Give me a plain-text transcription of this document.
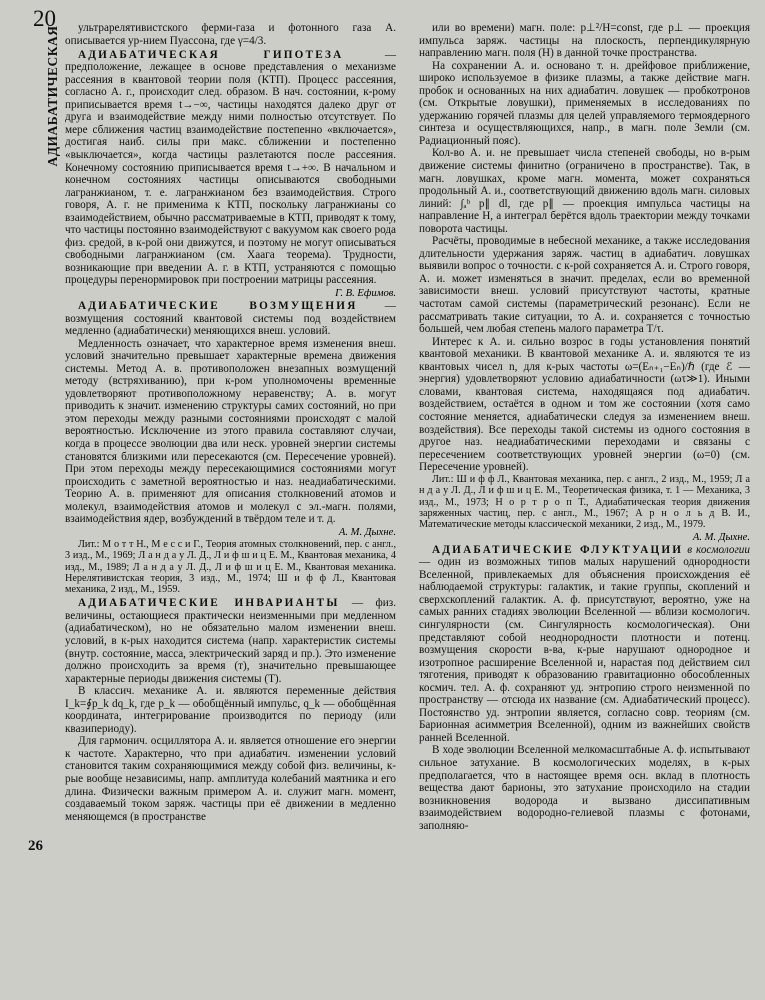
20
26
АДИАБАТИЧЕСКАЯ	ультрарелятивистского ферми-газа и фотонного газа А. описывается ур-нием Пуассона, где γ=4/3.

АДИАБАТИЧЕСКАЯ ГИПОТЕЗА — предположение, лежащее в основе представления о механизме рассеяния в квантовой теории поля (КТП). Процесс рассеяния, согласно А. г., происходит след. образом. В нач. состоянии, к-рому приписывается время t→−∞, частицы находятся далеко друг от друга и взаимодействие между ними полностью отсутствует. По мере сближения частиц взаимодействие постепенно «включается», достигая наиб. силы при макс. сближении и постепенно «выключается», когда частицы разлетаются после рассеяния. Конечному состоянию приписывается время t→+∞. В начальном и конечном состояниях частицы описываются свободными лагранжианом, т. е. лагранжианом без взаимодействия. Строго говоря, А. г. не применима к КТП, поскольку лагранжианы со взаимодействием, обычно рассматриваемые в КТП, приводят к тому, что частицы постоянно взаимодействуют с вакуумом как своего рода физ. средой, в к-рой они движутся, и поэтому не могут описываться свободными лагранжианом (см. Хаага теорема). Трудности, возникающие при введении А. г. в КТП, устраняются с помощью процедуры перенормировок при построении матрицы рассеяния.

Г. В. Ефимов.

АДИАБАТИЧЕСКИЕ ВОЗМУЩЕНИЯ — возмущения состояний квантовой системы под воздействием медленно (адиабатически) меняющихся внеш. условий.

Медленность означает, что характерное время изменения внеш. условий значительно превышает характерные времена движения системы. Метод А. в. противоположен внезапных возмущений методу (встряхиванию), при к-ром уполномочены временны́е удовлетворяют противоположному неравенству; А. в. могут приводить к значит. изменению структуры самих состояний, но при этом переходы между разными состояниями происходят с малой вероятностью. Исключение из этого правила составляют случаи, когда в процессе эволюции два или неск. уровней энергии системы становятся близкими или пересекаются (см. Пересечение уровней). При этом переходы между пересекающимися состояниями могут происходить с заметной вероятностью и наз. неадиабатическими. Теорию А. в. применяют для описания столкновений атомов и молекул, взаимодействия атомов и молекул с эл.-магн. полями, взаимодействия ядер, возбуждений в твёрдом теле и т. д.

А. М. Дыхне.

Лит.: М о т т Н., М е с с и Г., Теория атомных столкновений, пер. с англ., 3 изд., М., 1969; Л а н д а у Л. Д., Л и ф ш и ц Е. М., Квантовая механика, 4 изд., М., 1989; Л а н д а у Л. Д., Л и ф ш и ц Е. М., Квантовая механика. Нерелятивистская теория, 3 изд., М., 1974; Ш и ф ф Л., Квантовая механика, 2 изд., М., 1959.

АДИАБАТИЧЕСКИЕ ИНВАРИАНТЫ — физ. величины, остающиеся практически неизменными при медленном (адиабатическом), но не обязательно малом изменении внеш. условий, в к-рых находится система (напр. характеристик системы (внутр. состояние, масса, электрический заряд и пр.). Это изменение должно происходить за время (т), значительно превышающее характерные периоды движения системы (Т).

В классич. механике А. и. являются переменные действия I_k=∮p_k dq_k, где p_k — обобщённый импульс, q_k — обобщённая координата, интегрирование производится по периоду (или квазипериоду).

Для гармонич. осциллятора А. и. является отношение его энергии к частоте. Характерно, что при адиабатич. изменении условий становится таким сохраняющимися между собой физ. величины, к-рые вообще независимы, напр. амплитуда колебаний маятника и его длина. Физически важным примером А. и. служит магн. момент, создаваемый током заряж. частицы при её движении в медленно меняющемся (в пространстве

или во времени) магн. поле: p⊥²/H=const, где p⊥ — проекция импульса заряж. частицы на плоскость, перпендикулярную направлению магн. поля (H) в данной точке пространства.

На сохранении А. и. основано т. н. дрейфовое приближение, широко используемое в физике плазмы, а также действие магн. пробок и основанных на них адиабатич. ловушек — пробкотронов (см. Открытые ловушки), применяемых в исследованиях по удержанию горячей плазмы для целей управляемого термоядерного синтеза и осуществляющихся, напр., в магн. поле Земли (см. Радиационный пояс).

Кол-во А. и. не превышает числа степеней свободы, но в-рым движение системы финитно (ограничено в пространстве). Так, в магн. ловушках, кроме магн. момента, может сохраняться продольный А. и., соответствующий движению вдоль магн. силовых линий: ∫ₐᵇ p∥ dl, где p∥ — проекция импульса частицы на направление H, а интеграл берётся вдоль траектории между точками поворота частицы.

Расчёты, проводимые в небесной механике, а также исследования длительности удержания заряж. частиц в адиабатич. ловушках выявили вопрос о точности. с к-рой сохраняется А. и. Строго говоря, А. и. может изменяться в значит. пределах, если во временной зависимости внеш. условий присутствуют частоты, кратные частотам самой системы (параметрический резонанс). Если не рассматривать такие ситуации, то А. и. сохраняется с точностью большей, чем любая степень малого параметра Т/τ.

Интерес к А. и. сильно возрос в годы установления понятий квантовой механики. В квантовой механике А. и. являются те из квантовых чисел n, для к-рых частоты ω=(Eₙ₊₁−Eₙ)/ℏ (где ℰ — энергия) удовлетворяют условию адиабатичности (ωτ≫1). Иными словами, квантовая система, находящаяся под адиабатич. воздействием, остаётся в одном и том же состоянии (хотя само состояние меняется, адиабатически следуя за изменением внеш. воздействия). Все переходы такой системы из одного состояния в другое наз. неадиабатическими переходами и связаны с пересечением соответствующих уровней энергии (ω=0) (см. Пересечение уровней).

Лит.: Ш и ф ф Л., Квантовая механика, пер. с англ., 2 изд., М., 1959; Л а н д а у Л. Д., Л и ф ш и ц Е. М., Теоретическая физика, т. 1 — Механика, 3 изд., М., 1973; Н о р т р о п Т., Адиабатическая теория движения заряженных частиц, пер. с англ., М., 1967; А р н о л ь д В. И., Математические методы классической механики, 2 изд., М., 1979.

А. М. Дыхне.

АДИАБАТИЧЕСКИЕ ФЛУКТУАЦИИ в космологии — один из возможных типов малых нарушений однородности Вселенной, привлекаемых для объяснения происхождения её наблюдаемой структуры: галактик, и такие группы, скоплений и сверхскоплений галактик. А. ф. присутствуют, вероятно, уже на самых ранних стадиях эволюции Вселенной — вблизи космологич. сингулярности (см. Сингулярность космологическая). Они представляют собой неоднородности плотности и потенц. возмущения скорости в-ва, к-рые нарушают однородное и изотропное расширение Вселенной и, нарастая под действием сил тяготения, приводят к образованию гравитационно обособленных космич. тел. А. ф. сохраняют уд. энтропию строго неизменной по пространству — отсюда их название (см. Адиабатический процесс). Постоянство уд. энтропии является, согласно совр. теориям (см. Барионная асимметрия Вселенной), одним из важнейших свойств ранней Вселенной.

В ходе эволюции Вселенной мелкомасштабные А. ф. испытывают сильное затухание. В космологических моделях, в к-рых предполагается, что в настоящее время осн. вклад в плотность вещества дают барионы, это затухание происходило на стадии возникновения водорода и вызвано диссипативным взаимодействием водородно-гелиевой плазмы с фотонами, заполняю-
